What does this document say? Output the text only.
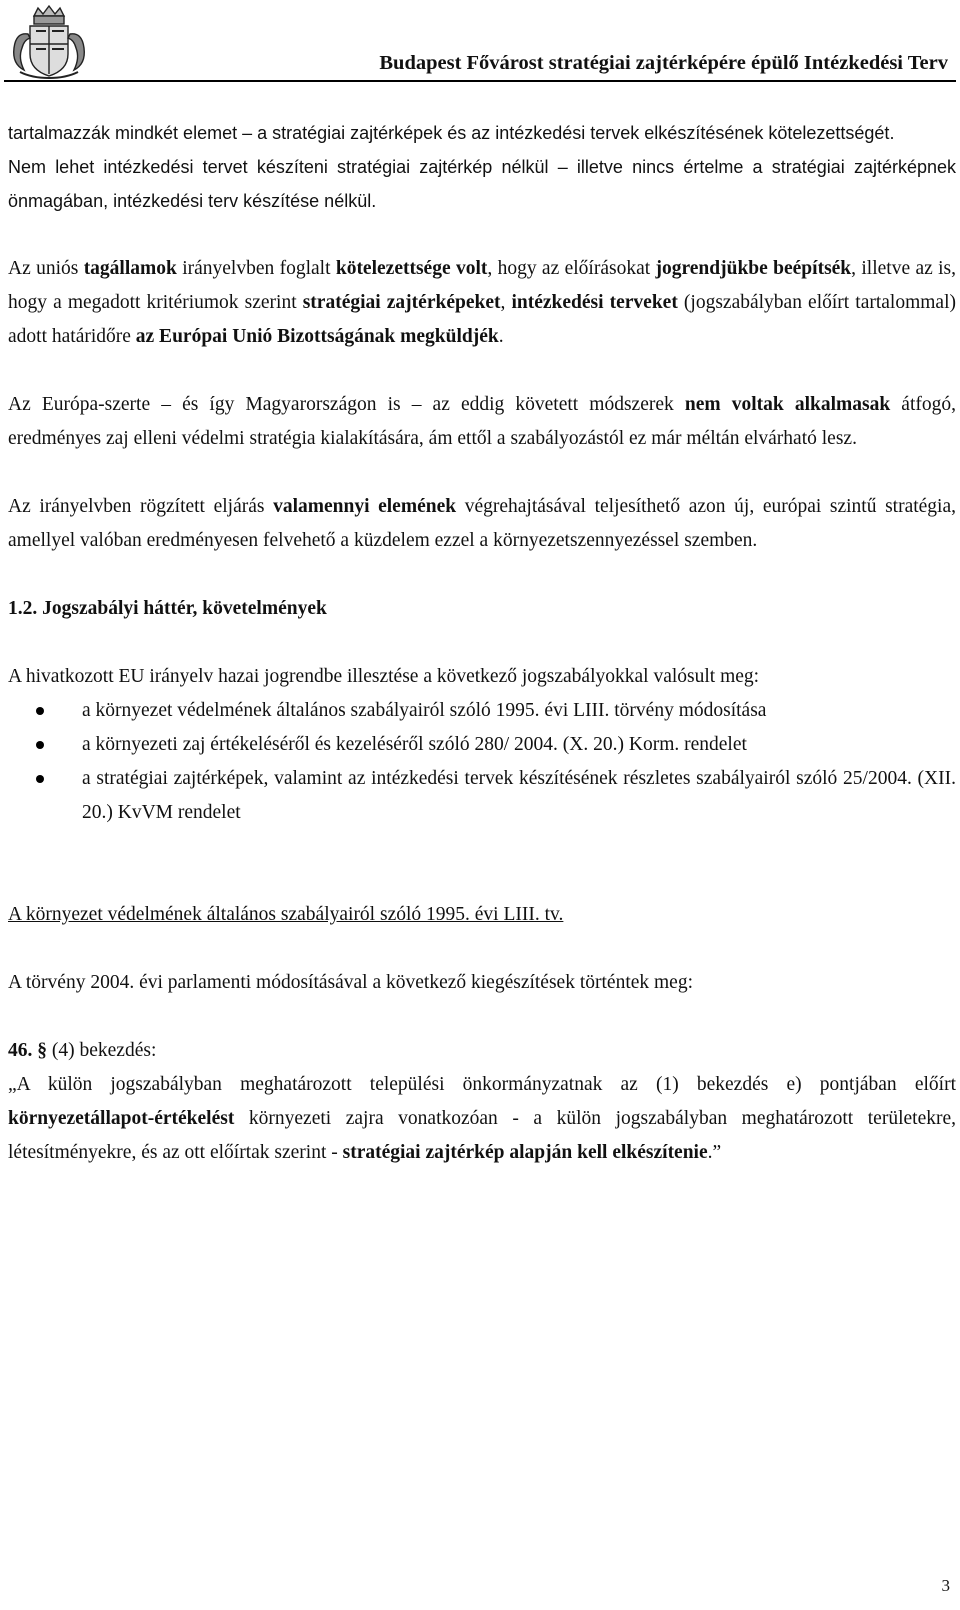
Budapest Fővárost stratégiai zajtérképére épülő Intézkedési Terv

tartalmazzák mindkét elemet – a stratégiai zajtérképek és az intézkedési tervek elkészítésének kötelezettségét.

Nem lehet intézkedési tervet készíteni stratégiai zajtérkép nélkül – illetve nincs értelme a stratégiai zajtérképnek önmagában, intézkedési terv készítése nélkül.

Az uniós tagállamok irányelvben foglalt kötelezettsége volt, hogy az előírásokat jogrendjükbe beépítsék, illetve az is, hogy a megadott kritériumok szerint stratégiai zajtérképeket, intézkedési terveket (jogszabályban előírt tartalommal) adott határidőre az Európai Unió Bizottságának megküldjék.

Az Európa-szerte – és így Magyarországon is – az eddig követett módszerek nem voltak alkalmasak átfogó, eredményes zaj elleni védelmi stratégia kialakítására, ám ettől a szabályozástól ez már méltán elvárható lesz.

Az irányelvben rögzített eljárás valamennyi elemének végrehajtásával teljesíthető azon új, európai szintű stratégia, amellyel valóban eredményesen felvehető a küzdelem ezzel a környezetszennyezéssel szemben.

1.2. Jogszabályi háttér, követelmények

A hivatkozott EU irányelv hazai jogrendbe illesztése a következő jogszabályokkal valósult meg:

a környezet védelmének általános szabályairól szóló 1995. évi LIII. törvény módosítása
a környezeti zaj értékeléséről és kezeléséről szóló 280/ 2004. (X. 20.) Korm. rendelet
a stratégiai zajtérképek, valamint az intézkedési tervek készítésének részletes szabályairól szóló 25/2004. (XII. 20.) KvVM rendelet

A környezet védelmének általános szabályairól szóló 1995. évi LIII. tv.

A törvény 2004. évi parlamenti módosításával a következő kiegészítések történtek meg:

46. § (4) bekezdés:

„A külön jogszabályban meghatározott települési önkormányzatnak az (1) bekezdés e) pontjában előírt környezetállapot-értékelést környezeti zajra vonatkozóan - a külön jogszabályban meghatározott területekre, létesítményekre, és az ott előírtak szerint - stratégiai zajtérkép alapján kell elkészítenie.”

3
